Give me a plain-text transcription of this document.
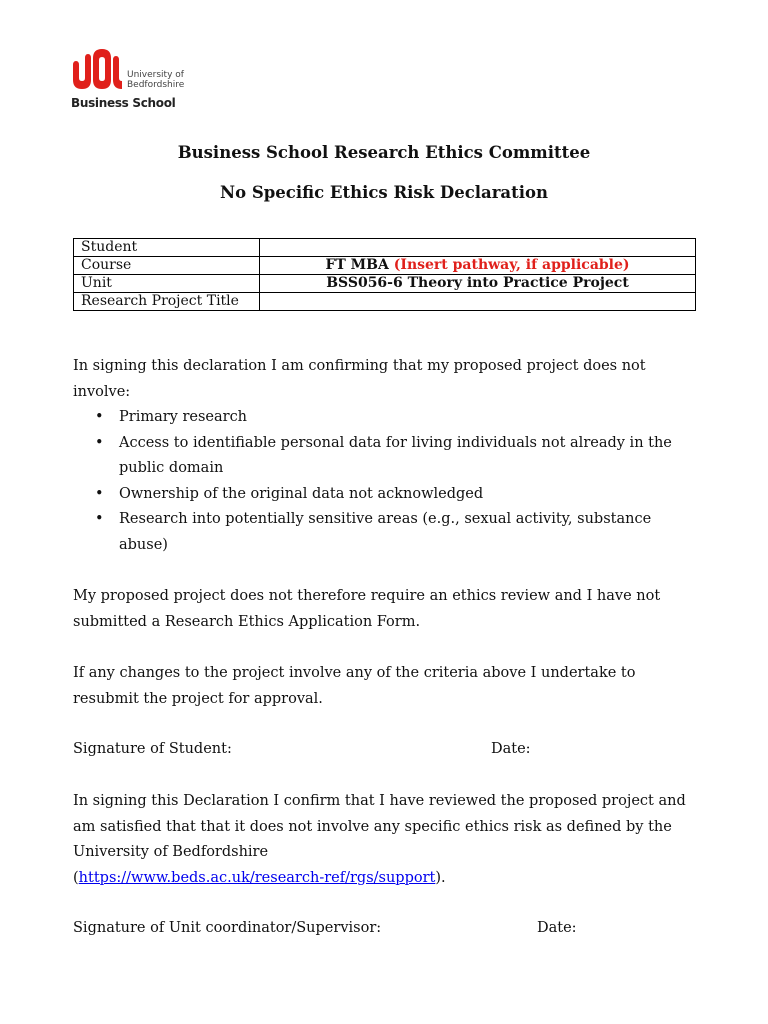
University of
Bedfordshire
Business School
Business School Research Ethics Committee
No Specific Ethics Risk Declaration
Student	
Course	FT MBA (Insert pathway, if applicable)
Unit	BSS056-6 Theory into Practice Project
Research Project Title	

In signing this declaration I am confirming that my proposed project does not involve:

• Primary research
• Access to identifiable personal data for living individuals not already in the public domain
• Ownership of the original data not acknowledged
• Research into potentially sensitive areas (e.g., sexual activity, substance abuse)

My proposed project does not therefore require an ethics review and I have not submitted a Research Ethics Application Form.

If any changes to the project involve any of the criteria above I undertake to resubmit the project for approval.

Signature of Student:	Date:

In signing this Declaration I confirm that I have reviewed the proposed project and am satisfied that that it does not involve any specific ethics risk as defined by the University of Bedfordshire
(https://www.beds.ac.uk/research-ref/rgs/support).

Signature of Unit coordinator/Supervisor:	Date:
